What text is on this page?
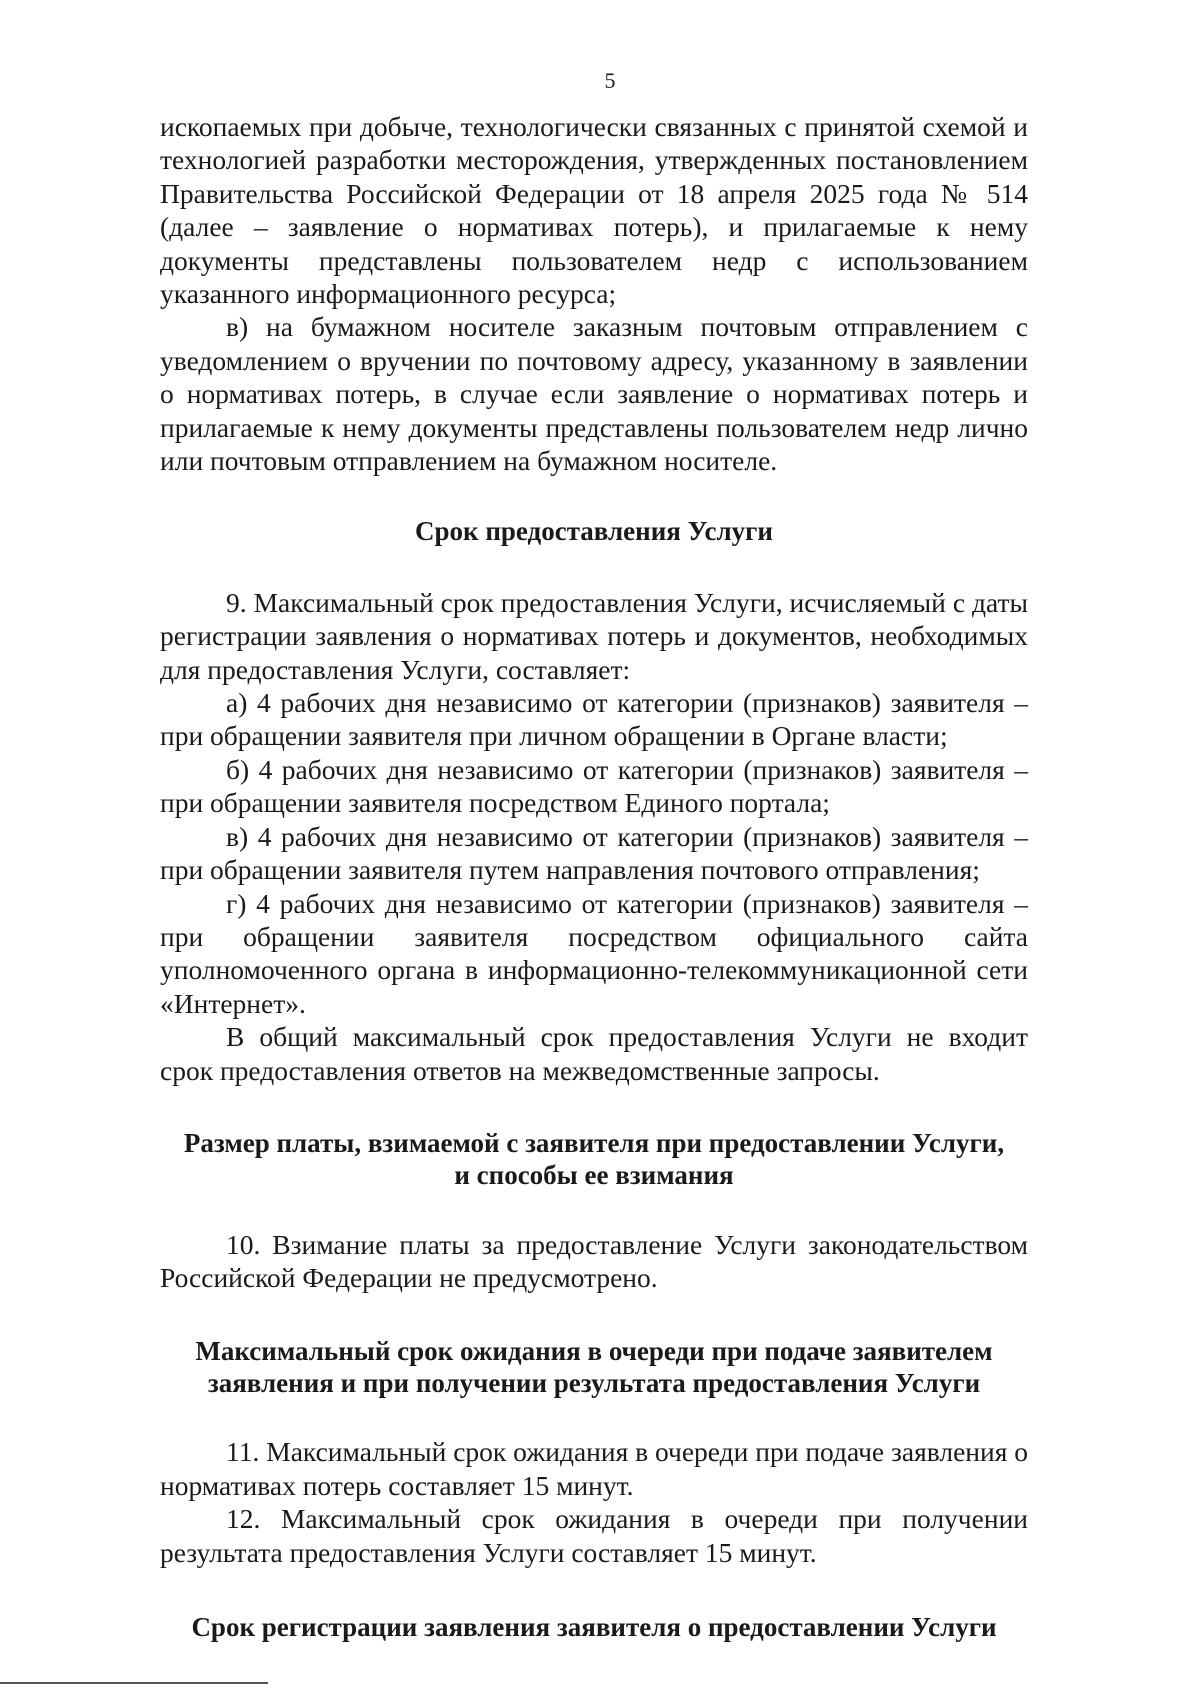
5

ископаемых при добыче, технологически связанных с принятой схемой и технологией разработки месторождения, утвержденных постановлением Правительства Российской Федерации от 18 апреля 2025 года № 514 (далее – заявление о нормативах потерь), и прилагаемые к нему документы представлены пользователем недр с использованием указанного информационного ресурса;

в) на бумажном носителе заказным почтовым отправлением с уведомлением о вручении по почтовому адресу, указанному в заявлении о нормативах потерь, в случае если заявление о нормативах потерь и прилагаемые к нему документы представлены пользователем недр лично или почтовым отправлением на бумажном носителе.

Срок предоставления Услуги

9. Максимальный срок предоставления Услуги, исчисляемый с даты регистрации заявления о нормативах потерь и документов, необходимых для предоставления Услуги, составляет:

а) 4 рабочих дня независимо от категории (признаков) заявителя – при обращении заявителя при личном обращении в Органе власти;

б) 4 рабочих дня независимо от категории (признаков) заявителя – при обращении заявителя посредством Единого портала;

в) 4 рабочих дня независимо от категории (признаков) заявителя – при обращении заявителя путем направления почтового отправления;

г) 4 рабочих дня независимо от категории (признаков) заявителя – при обращении заявителя посредством официального сайта уполномоченного органа в информационно-телекоммуникационной сети «Интернет».

В общий максимальный срок предоставления Услуги не входит срок предоставления ответов на межведомственные запросы.

Размер платы, взимаемой с заявителя при предоставлении Услуги,
и способы ее взимания

10. Взимание платы за предоставление Услуги законодательством Российской Федерации не предусмотрено.

Максимальный срок ожидания в очереди при подаче заявителем
заявления и при получении результата предоставления Услуги

11. Максимальный срок ожидания в очереди при подаче заявления о нормативах потерь составляет 15 минут.

12. Максимальный срок ожидания в очереди при получении результата предоставления Услуги составляет 15 минут.

Срок регистрации заявления заявителя о предоставлении Услуги
